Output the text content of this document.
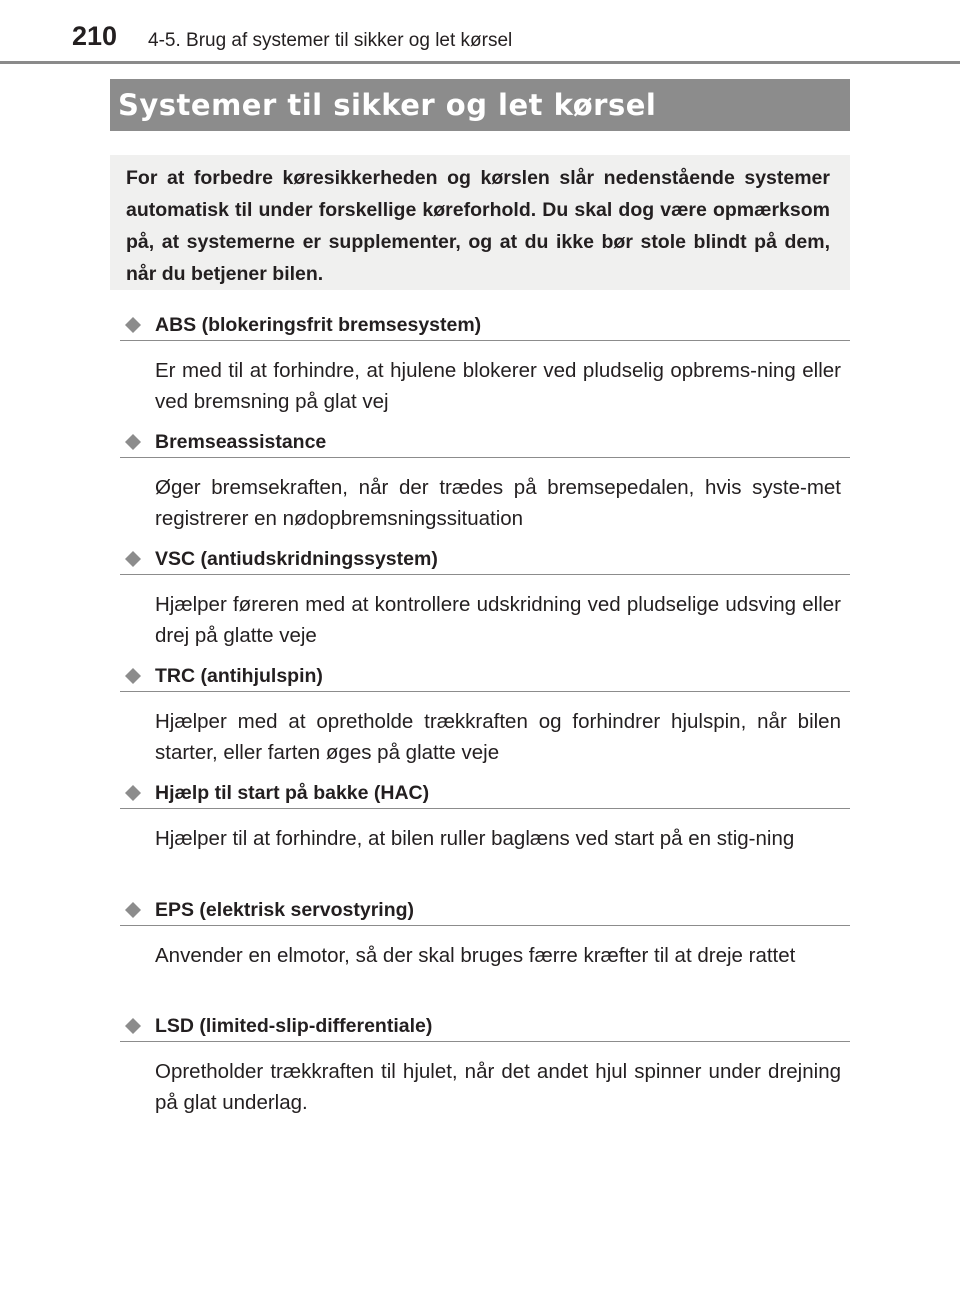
210 4-5. Brug af systemer til sikker og let kørsel
Systemer til sikker og let kørsel
For at forbedre køresikkerheden og kørslen slår nedenstående systemer automatisk til under forskellige køreforhold. Du skal dog være opmærksom på, at systemerne er supplementer, og at du ikke bør stole blindt på dem, når du betjener bilen.
ABS (blokeringsfrit bremsesystem)
Er med til at forhindre, at hjulene blokerer ved pludselig opbrems-ning eller ved bremsning på glat vej
Bremseassistance
Øger bremsekraften, når der trædes på bremsepedalen, hvis syste-met registrerer en nødopbremsningssituation
VSC (antiudskridningssystem)
Hjælper føreren med at kontrollere udskridning ved pludselige udsving eller drej på glatte veje
TRC (antihjulspin)
Hjælper med at opretholde trækkraften og forhindrer hjulspin, når bilen starter, eller farten øges på glatte veje
Hjælp til start på bakke (HAC)
Hjælper til at forhindre, at bilen ruller baglæns ved start på en stig-ning
EPS (elektrisk servostyring)
Anvender en elmotor, så der skal bruges færre kræfter til at dreje rattet
LSD (limited-slip-differentiale)
Opretholder trækkraften til hjulet, når det andet hjul spinner under drejning på glat underlag.
